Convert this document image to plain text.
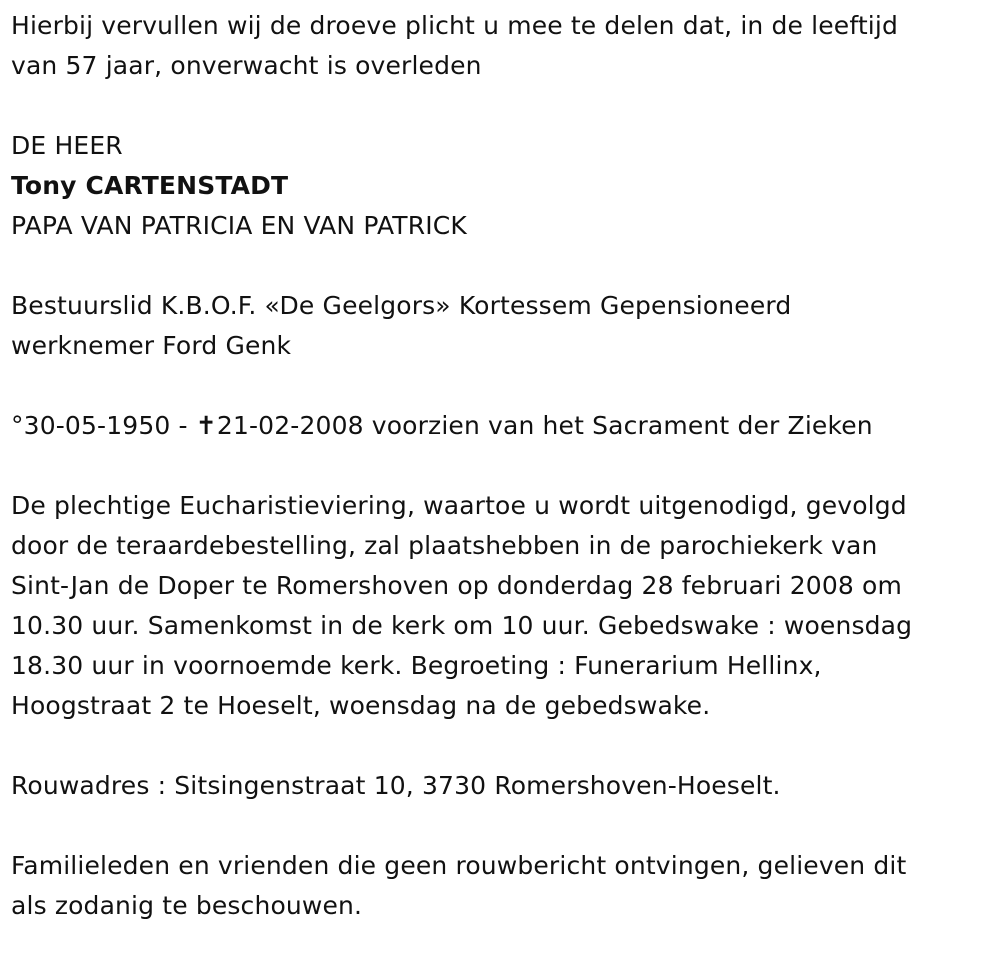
Hierbij vervullen wij de droeve plicht u mee te delen dat, in de leeftijd
van 57 jaar, onverwacht is overleden

DE HEER

Tony CARTENSTADT

PAPA VAN PATRICIA EN VAN PATRICK

Bestuurslid K.B.O.F. «De Geelgors» Kortessem Gepensioneerd
werknemer Ford Genk

°30-05-1950 - ✝21-02-2008 voorzien van het Sacrament der Zieken

De plechtige Eucharistieviering, waartoe u wordt uitgenodigd, gevolgd
door de teraardebestelling, zal plaatshebben in de parochiekerk van
Sint-Jan de Doper te Romershoven op donderdag 28 februari 2008 om
10.30 uur. Samenkomst in de kerk om 10 uur. Gebedswake : woensdag
18.30 uur in voornoemde kerk. Begroeting : Funerarium Hellinx,
Hoogstraat 2 te Hoeselt, woensdag na de gebedswake.

Rouwadres : Sitsingenstraat 10, 3730 Romershoven-Hoeselt.

Familieleden en vrienden die geen rouwbericht ontvingen, gelieven dit
als zodanig te beschouwen.
